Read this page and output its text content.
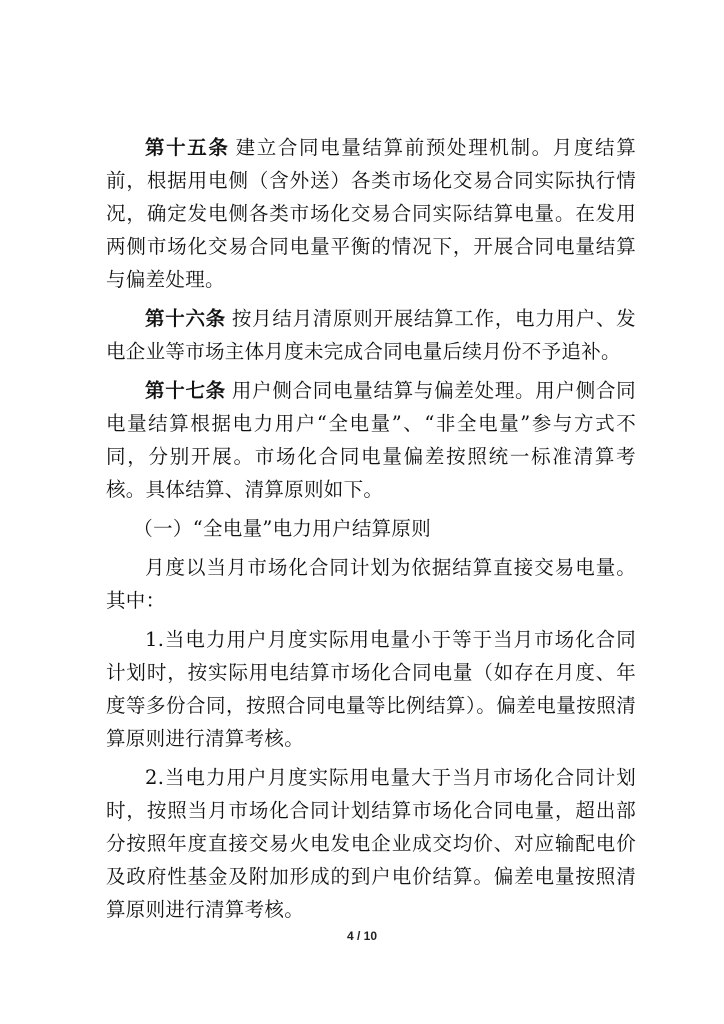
第十五条 建立合同电量结算前预处理机制。月度结算前，根据用电侧（含外送）各类市场化交易合同实际执行情况，确定发电侧各类市场化交易合同实际结算电量。在发用两侧市场化交易合同电量平衡的情况下，开展合同电量结算与偏差处理。

第十六条 按月结月清原则开展结算工作，电力用户、发电企业等市场主体月度未完成合同电量后续月份不予追补。

第十七条 用户侧合同电量结算与偏差处理。用户侧合同电量结算根据电力用户“全电量”、“非全电量”参与方式不同，分别开展。市场化合同电量偏差按照统一标准清算考核。具体结算、清算原则如下。

（一）“全电量”电力用户结算原则

月度以当月市场化合同计划为依据结算直接交易电量。其中：

1.当电力用户月度实际用电量小于等于当月市场化合同计划时，按实际用电结算市场化合同电量（如存在月度、年度等多份合同，按照合同电量等比例结算）。偏差电量按照清算原则进行清算考核。

2.当电力用户月度实际用电量大于当月市场化合同计划时，按照当月市场化合同计划结算市场化合同电量，超出部分按照年度直接交易火电发电企业成交均价、对应输配电价及政府性基金及附加形成的到户电价结算。偏差电量按照清算原则进行清算考核。

4 / 10
